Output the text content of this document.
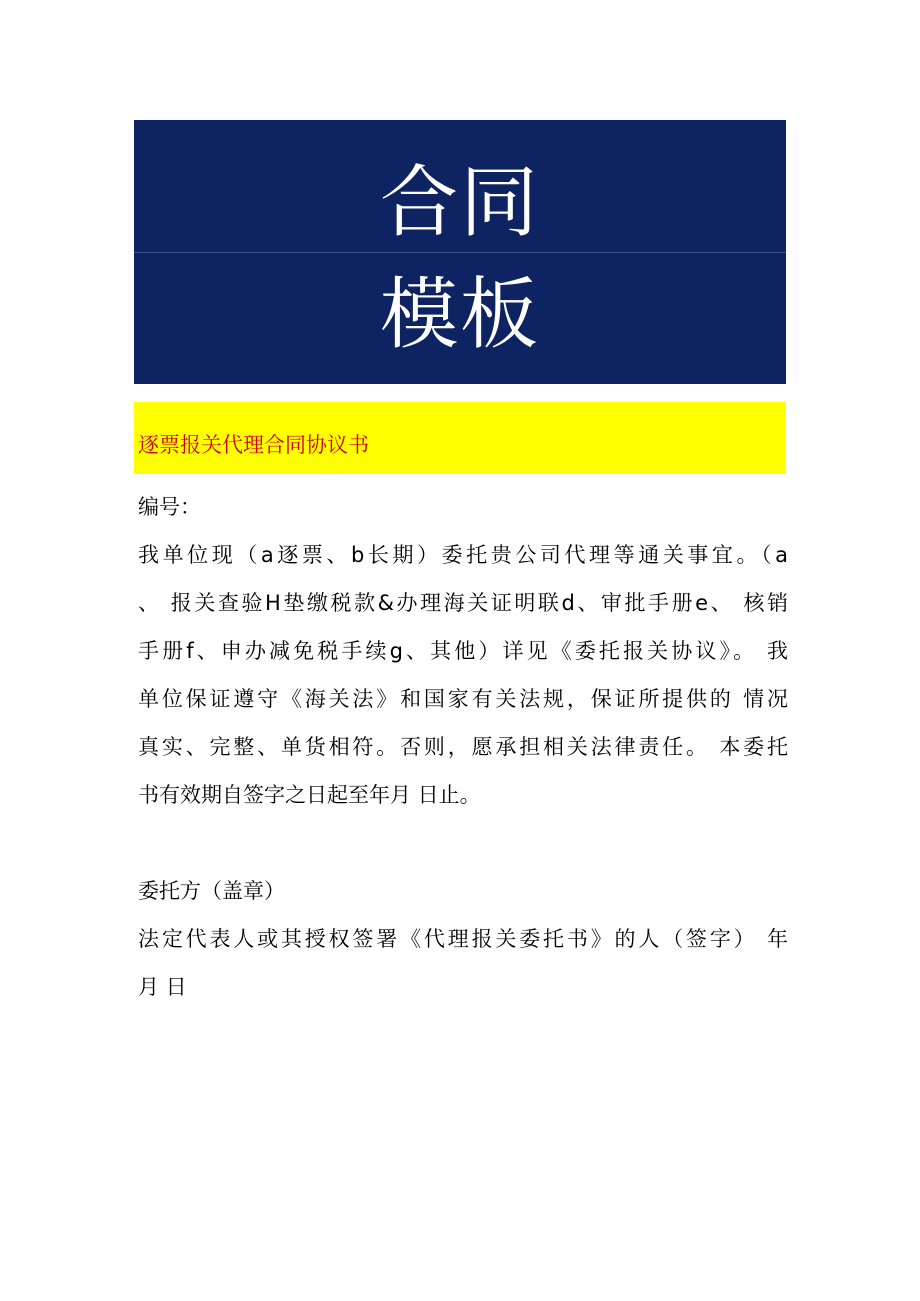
合同
模板
逐票报关代理合同协议书
编号：
我单位现（a逐票、b长期）委托贵公司代理等通关事宜。（a
、 报关查验H垫缴税款&办理海关证明联d、审批手册e、 核销
手册f、申办减免税手续g、其他）详见《委托报关协议》。 我
单位保证遵守《海关法》和国家有关法规，保证所提供的 情况
真实、完整、单货相符。否则，愿承担相关法律责任。 本委托
书有效期自签字之日起至年月 日止。
委托方（盖章）
法定代表人或其授权签署《代理报关委托书》的人（签字） 年
月 日
